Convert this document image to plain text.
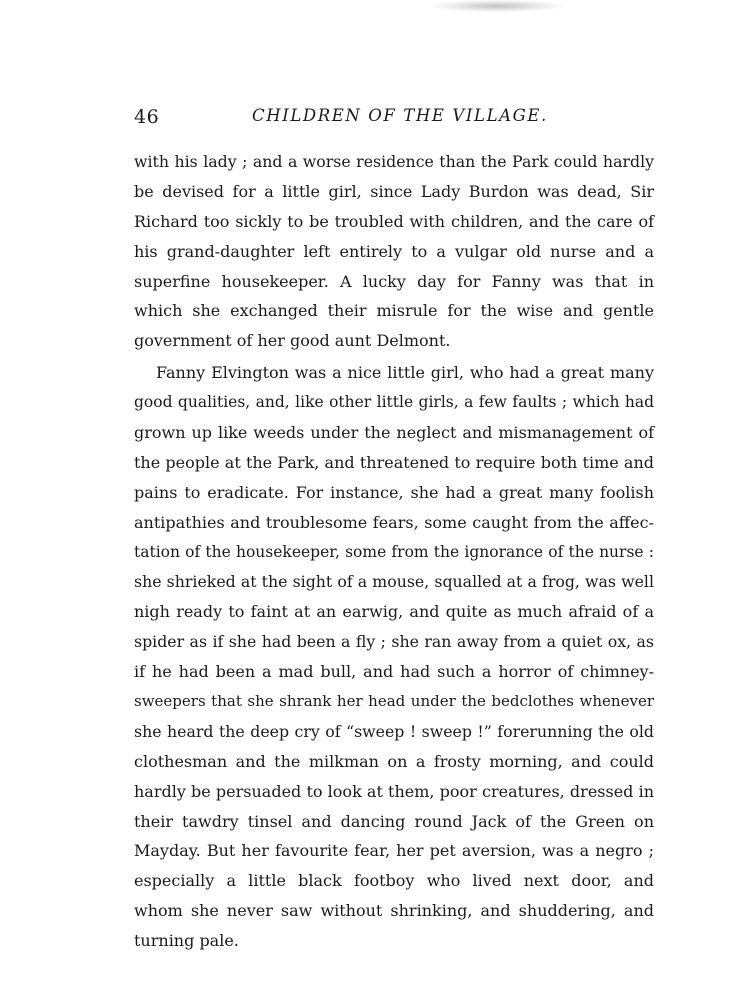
46	CHILDREN OF THE VILLAGE.
with his lady ; and a worse residence than the Park could hardly
be devised for a little girl, since Lady Burdon was dead, Sir
Richard too sickly to be troubled with children, and the care of
his grand-daughter left entirely to a vulgar old nurse and a
superfine housekeeper. A lucky day for Fanny was that in
which she exchanged their misrule for the wise and gentle
government of her good aunt Delmont.
Fanny Elvington was a nice little girl, who had a great many
good qualities, and, like other little girls, a few faults ; which had
grown up like weeds under the neglect and mismanagement of
the people at the Park, and threatened to require both time and
pains to eradicate. For instance, she had a great many foolish
antipathies and troublesome fears, some caught from the affec-
tation of the housekeeper, some from the ignorance of the nurse :
she shrieked at the sight of a mouse, squalled at a frog, was well
nigh ready to faint at an earwig, and quite as much afraid of a
spider as if she had been a fly ; she ran away from a quiet ox, as
if he had been a mad bull, and had such a horror of chimney-
sweepers that she shrank her head under the bedclothes whenever
she heard the deep cry of “sweep ! sweep !” forerunning the old
clothesman and the milkman on a frosty morning, and could
hardly be persuaded to look at them, poor creatures, dressed in
their tawdry tinsel and dancing round Jack of the Green on
Mayday. But her favourite fear, her pet aversion, was a negro ;
especially a little black footboy who lived next door, and
whom she never saw without shrinking, and shuddering, and
turning pale.
